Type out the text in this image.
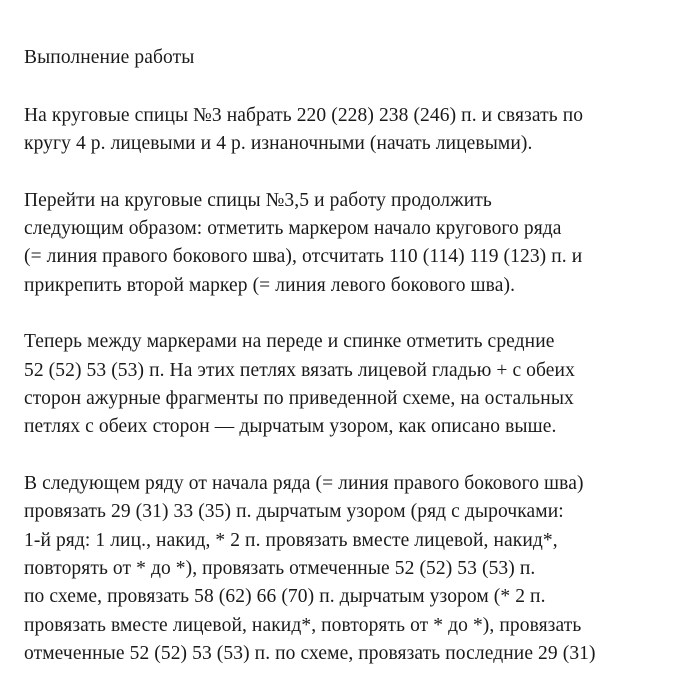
Выполнение работы
На круговые спицы №3 набрать 220 (228) 238 (246) п. и связать по
кругу 4 р. лицевыми и 4 р. изнаночными (начать лицевыми).
Перейти на круговые спицы №3,5 и работу продолжить
следующим образом: отметить маркером начало кругового ряда
(= линия правого бокового шва), отсчитать 110 (114) 119 (123) п. и
прикрепить второй маркер (= линия левого бокового шва).
Теперь между маркерами на переде и спинке отметить средние
52 (52) 53 (53) п. На этих петлях вязать лицевой гладью + с обеих
сторон ажурные фрагменты по приведенной схеме, на остальных
петлях с обеих сторон — дырчатым узором, как описано выше.
В следующем ряду от начала ряда (= линия правого бокового шва)
провязать 29 (31) 33 (35) п. дырчатым узором (ряд с дырочками:
1-й ряд: 1 лиц., накид, * 2 п. провязать вместе лицевой, накид*,
повторять от * до *), провязать отмеченные 52 (52) 53 (53) п.
по схеме, провязать 58 (62) 66 (70) п. дырчатым узором (* 2 п.
провязать вместе лицевой, накид*, повторять от * до *), провязать
отмеченные 52 (52) 53 (53) п. по схеме, провязать последние 29 (31)
